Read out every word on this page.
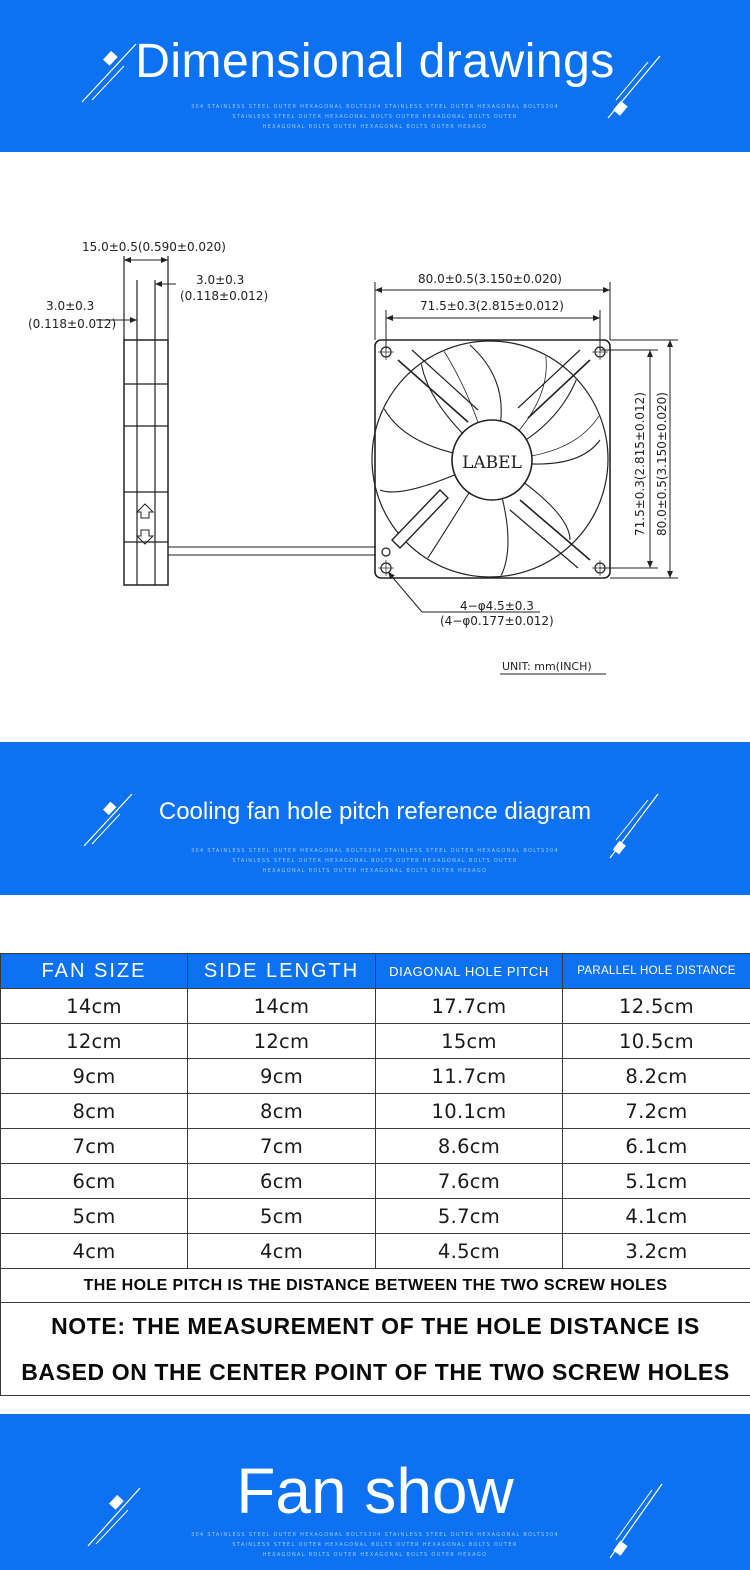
Dimensional drawings
304 STAINLESS STEEL OUTER HEXAGONAL BOLTS304 STAINLESS STEEL OUTER HEXAGONAL BOLTS304
STAINLESS STEEL OUTER HEXAGONAL BOLTS OUTER HEXAGONAL BOLTS OUTER
HEXAGONAL BOLTS OUTER HEXAGONAL BOLTS OUTER HEXAGO
15.0±0.5(0.590±0.020)
3.0±0.3
(0.118±0.012)
3.0±0.3
(0.118±0.012)
80.0±0.5(3.150±0.020)
71.5±0.3(2.815±0.012)
71.5±0.3(2.815±0.012) 80.0±0.5(3.150±0.020)
LABEL
4−φ4.5±0.3
(4−φ0.177±0.012)
UNIT: mm(INCH)
Cooling fan hole pitch reference diagram
304 STAINLESS STEEL OUTER HEXAGONAL BOLTS304 STAINLESS STEEL OUTER HEXAGONAL BOLTS304
STAINLESS STEEL OUTER HEXAGONAL BOLTS OUTER HEXAGONAL BOLTS OUTER
HEXAGONAL BOLTS OUTER HEXAGONAL BOLTS OUTER HEXAGO
FAN SIZE	SIDE LENGTH	DIAGONAL HOLE PITCH	PARALLEL HOLE DISTANCE
14cm	14cm	17.7cm	12.5cm
12cm	12cm	15cm	10.5cm
9cm	9cm	11.7cm	8.2cm
8cm	8cm	10.1cm	7.2cm
7cm	7cm	8.6cm	6.1cm
6cm	6cm	7.6cm	5.1cm
5cm	5cm	5.7cm	4.1cm
4cm	4cm	4.5cm	3.2cm
THE HOLE PITCH IS THE DISTANCE BETWEEN THE TWO SCREW HOLES			

NOTE: THE MEASUREMENT OF THE HOLE DISTANCE IS
BASED ON THE CENTER POINT OF THE TWO SCREW HOLES			
Fan show
304 STAINLESS STEEL OUTER HEXAGONAL BOLTS304 STAINLESS STEEL OUTER HEXAGONAL BOLTS304
STAINLESS STEEL OUTER HEXAGONAL BOLTS OUTER HEXAGONAL BOLTS OUTER
HEXAGONAL BOLTS OUTER HEXAGONAL BOLTS OUTER HEXAGO
